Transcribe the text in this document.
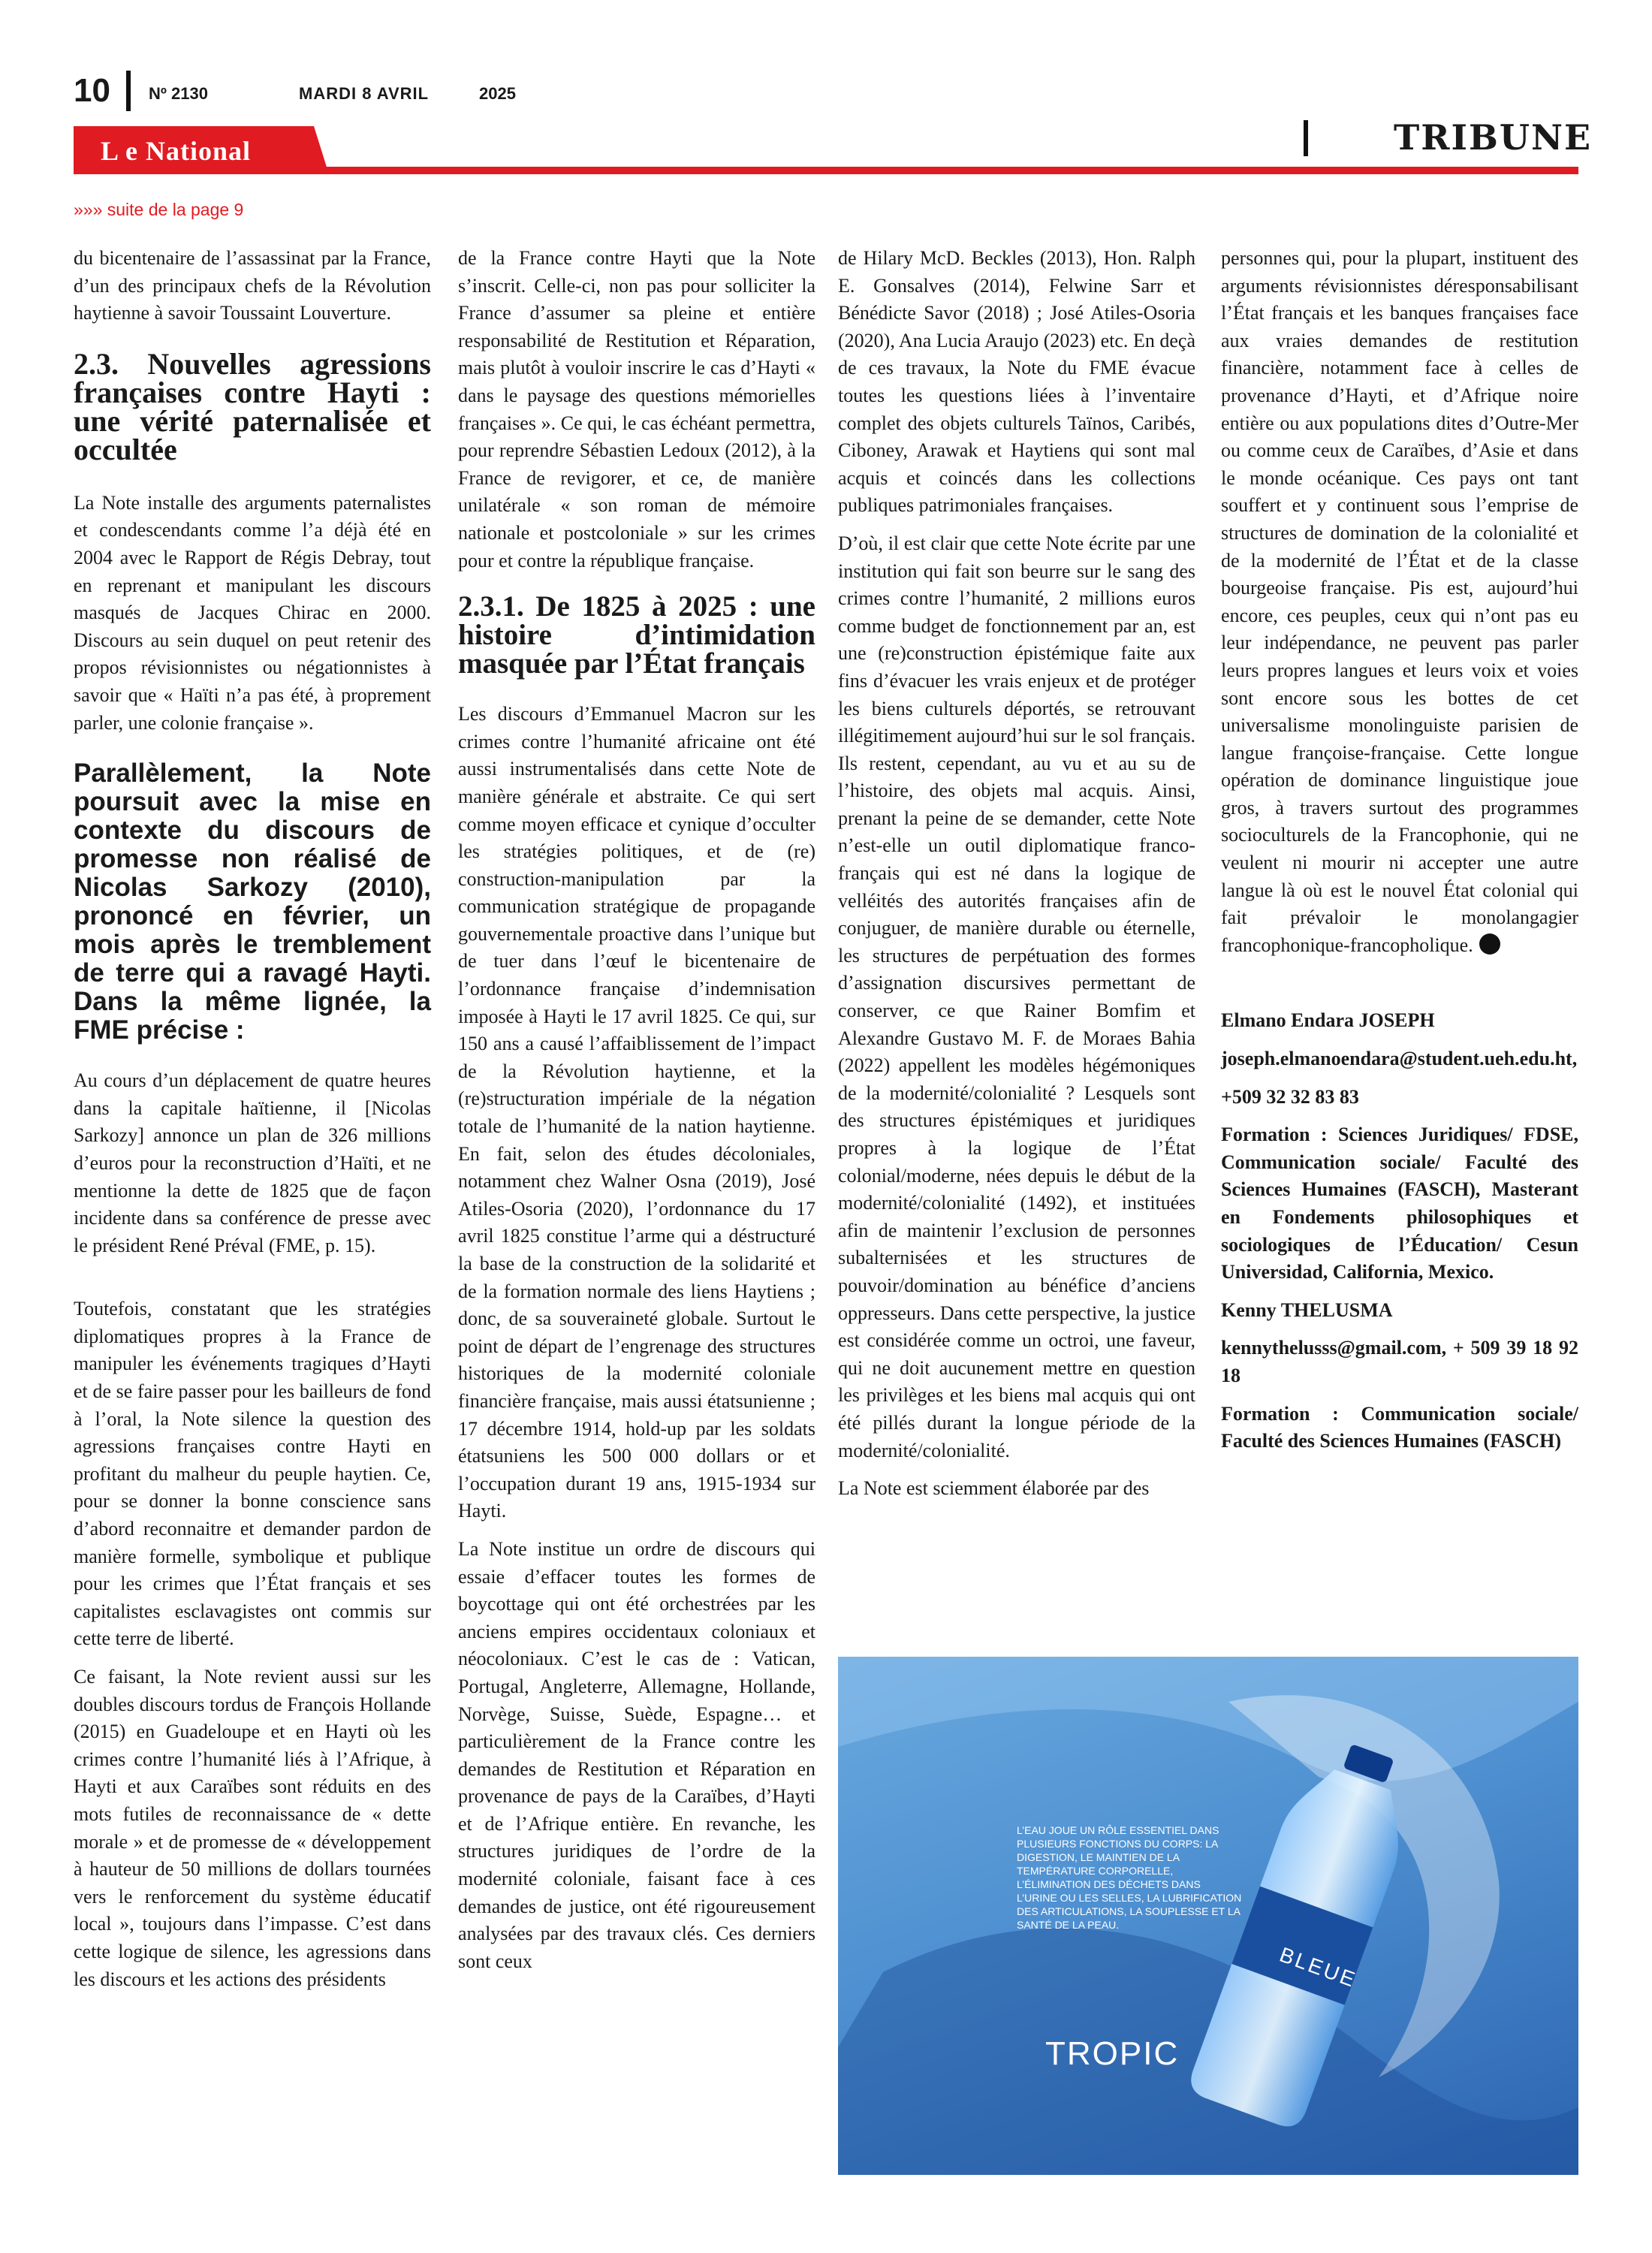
10 Nº 2130	MARDI 8 AVRIL	2025
L e National	TRIBUNE
»»» suite de la page 9

du bicentenaire de l’assassinat par la France, d’un des principaux chefs de la Révolution haytienne à savoir Toussaint Louverture.

2.3. Nouvelles agressions françaises contre Hayti : une vérité paternalisée et occultée

La Note installe des arguments paternalistes et condescendants comme l’a déjà été en 2004 avec le Rapport de Régis Debray, tout en reprenant et manipulant les discours masqués de Jacques Chirac en 2000. Discours au sein duquel on peut retenir des propos révisionnistes ou négationnistes à savoir que « Haïti n’a pas été, à proprement parler, une colonie française ».

Parallèlement, la Note poursuit avec la mise en contexte du discours de promesse non réalisé de Nicolas Sarkozy (2010), prononcé en février, un mois après le tremblement de terre qui a ravagé Hayti. Dans la même lignée, la FME précise :

Au cours d’un déplacement de quatre heures dans la capitale haïtienne, il [Nicolas Sarkozy] annonce un plan de 326 millions d’euros pour la reconstruction d’Haïti, et ne mentionne la dette de 1825 que de façon incidente dans sa conférence de presse avec le président René Préval (FME, p. 15).

Toutefois, constatant que les stratégies diplomatiques propres à la France de manipuler les événements tragiques d’Hayti et de se faire passer pour les bailleurs de fond à l’oral, la Note silence la question des agressions françaises contre Hayti en profitant du malheur du peuple haytien. Ce, pour se donner la bonne conscience sans d’abord reconnaitre et demander pardon de manière formelle, symbolique et publique pour les crimes que l’État français et ses capitalistes esclavagistes ont commis sur cette terre de liberté.

Ce faisant, la Note revient aussi sur les doubles discours tordus de François Hollande (2015) en Guadeloupe et en Hayti où les crimes contre l’humanité liés à l’Afrique, à Hayti et aux Caraïbes sont réduits en des mots futiles de reconnaissance de « dette morale » et de promesse de « développement à hauteur de 50 millions de dollars tournées vers le renforcement du système éducatif local », toujours dans l’impasse. C’est dans cette logique de silence, les agressions dans les discours et les actions des présidents

de la France contre Hayti que la Note s’inscrit. Celle-ci, non pas pour solliciter la France d’assumer sa pleine et entière responsabilité de Restitution et Réparation, mais plutôt à vouloir inscrire le cas d’Hayti « dans le paysage des questions mémorielles françaises ». Ce qui, le cas échéant permettra, pour reprendre Sébastien Ledoux (2012), à la France de revigorer, et ce, de manière unilatérale « son roman de mémoire nationale et postcoloniale » sur les crimes pour et contre la république française.

2.3.1. De 1825 à 2025 : une histoire d’intimidation masquée par l’État français

Les discours d’Emmanuel Macron sur les crimes contre l’humanité africaine ont été aussi instrumentalisés dans cette Note de manière générale et abstraite. Ce qui sert comme moyen efficace et cynique d’occulter les stratégies politiques, et de (re) construction-manipulation par la communication stratégique de propagande gouvernementale proactive dans l’unique but de tuer dans l’œuf le bicentenaire de l’ordonnance française d’indemnisation imposée à Hayti le 17 avril 1825. Ce qui, sur 150 ans a causé l’affaiblissement de l’impact de la Révolution haytienne, et la (re)structuration impériale de la négation totale de l’humanité de la nation haytienne. En fait, selon des études décoloniales, notamment chez Walner Osna (2019), José Atiles-Osoria (2020), l’ordonnance du 17 avril 1825 constitue l’arme qui a déstructuré la base de la construction de la solidarité et de la formation normale des liens Haytiens ; donc, de sa souveraineté globale. Surtout le point de départ de l’engrenage des structures historiques de la modernité coloniale financière française, mais aussi étatsunienne ; 17 décembre 1914, hold-up par les soldats étatsuniens les 500 000 dollars or et l’occupation durant 19 ans, 1915-1934 sur Hayti.

La Note institue un ordre de discours qui essaie d’effacer toutes les formes de boycottage qui ont été orchestrées par les anciens empires occidentaux coloniaux et néocoloniaux. C’est le cas de : Vatican, Portugal, Angleterre, Allemagne, Hollande, Norvège, Suisse, Suède, Espagne… et particulièrement de la France contre les demandes de Restitution et Réparation en provenance de pays de la Caraïbes, d’Hayti et de l’Afrique entière. En revanche, les structures juridiques de l’ordre de la modernité coloniale, faisant face à ces demandes de justice, ont été rigoureusement analysées par des travaux clés. Ces derniers sont ceux

de Hilary McD. Beckles (2013), Hon. Ralph E. Gonsalves (2014), Felwine Sarr et Bénédicte Savor (2018) ; José Atiles-Osoria (2020), Ana Lucia Araujo (2023) etc. En deçà de ces travaux, la Note du FME évacue toutes les questions liées à l’inventaire complet des objets culturels Taïnos, Caribés, Ciboney, Arawak et Haytiens qui sont mal acquis et coincés dans les collections publiques patrimoniales françaises.

D’où, il est clair que cette Note écrite par une institution qui fait son beurre sur le sang des crimes contre l’humanité, 2 millions euros comme budget de fonctionnement par an, est une (re)construction épistémique faite aux fins d’évacuer les vrais enjeux et de protéger les biens culturels déportés, se retrouvant illégitimement aujourd’hui sur le sol français. Ils restent, cependant, au vu et au su de l’histoire, des objets mal acquis. Ainsi, prenant la peine de se demander, cette Note n’est-elle un outil diplomatique franco-français qui est né dans la logique de velléités des autorités françaises afin de conjuguer, de manière durable ou éternelle, les structures de perpétuation des formes d’assignation discursives permettant de conserver, ce que Rainer Bomfim et Alexandre Gustavo M. F. de Moraes Bahia (2022) appellent les modèles hégémoniques de la modernité/colonialité ? Lesquels sont des structures épistémiques et juridiques propres à la logique de l’État colonial/moderne, nées depuis le début de la modernité/colonialité (1492), et instituées afin de maintenir l’exclusion de personnes subalternisées et les structures de pouvoir/domination au bénéfice d’anciens oppresseurs. Dans cette perspective, la justice est considérée comme un octroi, une faveur, qui ne doit aucunement mettre en question les privilèges et les biens mal acquis qui ont été pillés durant la longue période de la modernité/colonialité.

La Note est sciemment élaborée par des

personnes qui, pour la plupart, instituent des arguments révisionnistes déresponsabilisant l’État français et les banques françaises face aux vraies demandes de restitution financière, notamment face à celles de provenance d’Hayti, et d’Afrique noire entière ou aux populations dites d’Outre-Mer ou comme ceux de Caraïbes, d’Asie et dans le monde océanique. Ces pays ont tant souffert et y continuent sous l’emprise de structures de domination de la colonialité et de la modernité de l’État et de la classe bourgeoise française. Pis est, aujourd’hui encore, ces peuples, ceux qui n’ont pas eu leur indépendance, ne peuvent pas parler leurs propres langues et leurs voix et voies sont encore sous les bottes de cet universalisme monolinguiste parisien de langue françoise-française. Cette longue opération de dominance linguistique joue gros, à travers surtout des programmes socioculturels de la Francophonie, qui ne veulent ni mourir ni accepter une autre langue là où est le nouvel État colonial qui fait prévaloir le monolangagier francophonique-francopholique.

Elmano Endara JOSEPH

joseph.elmanoendara@student.ueh.edu.ht,

+509 32 32 83 83

Formation : Sciences Juridiques/ FDSE, Communication sociale/ Faculté des Sciences Humaines (FASCH), Masterant en Fondements philosophiques et sociologiques de l’Éducation/ Cesun Universidad, California, Mexico.

Kenny THELUSMA

kennythelusss@gmail.com, + 509 39 18 92 18

Formation : Communication sociale/ Faculté des Sciences Humaines (FASCH)

L’EAU JOUE UN RÔLE ESSENTIEL DANS PLUSIEURS FONCTIONS DU CORPS: LA DIGESTION, LE MAINTIEN DE LA TEMPÉRATURE CORPORELLE, L’ÉLIMINATION DES DÉCHETS DANS L’URINE OU LES SELLES, LA LUBRIFICATION DES ARTICULATIONS, LA SOUPLESSE ET LA SANTÉ DE LA PEAU.
BLEUE
TROPIC
